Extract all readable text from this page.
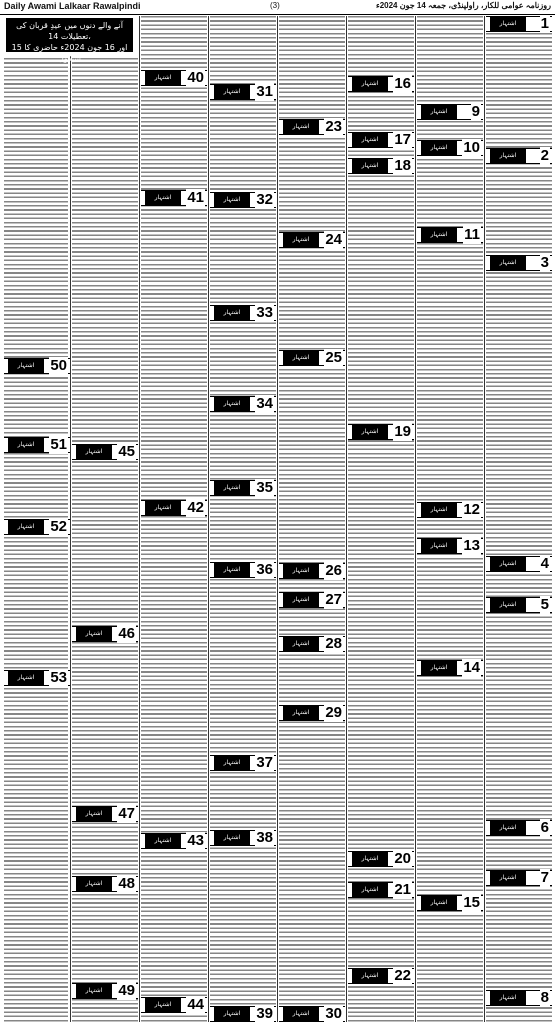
Daily Awami Lalkaar Rawalpindi	(3)	روزنامہ عوامی للکار، راولپنڈی، جمعہ 14 جون 2024ء
آنے والے دنوں میں عیدِ قربان کی تعطیلات 14،
15 اور 16 جون 2024ء حاضری کا شیڈول
اشتہار	1
اشتہار	2
اشتہار	3
اشتہار	4
اشتہار	5
اشتہار	6
اشتہار	7
اشتہار	8
اشتہار	9
اشتہار	10
اشتہار	11
اشتہار	12
اشتہار	13
اشتہار	14
اشتہار	15
اشتہار	16
اشتہار	17
اشتہار	18
اشتہار	19
اشتہار	20
اشتہار	21
اشتہار	22
اشتہار	23
اشتہار	24
اشتہار	25
اشتہار	26
اشتہار	27
اشتہار	28
اشتہار	29
اشتہار	30
اشتہار	31
اشتہار	32
اشتہار	33
اشتہار	34
اشتہار	35
اشتہار	36
اشتہار	37
اشتہار	38
اشتہار	39
اشتہار	40
اشتہار	41
اشتہار	42
اشتہار	43
اشتہار	44
اشتہار	45
اشتہار	46
اشتہار	47
اشتہار	48
اشتہار	49
اشتہار	50
اشتہار	51
اشتہار	52
اشتہار	53
